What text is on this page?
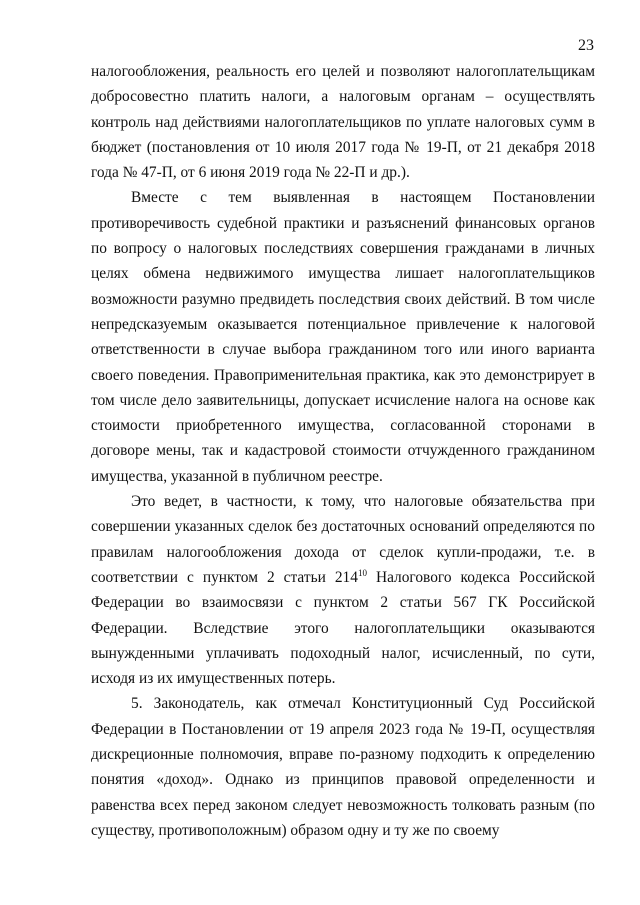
23

налогообложения, реальность его целей и позволяют налогоплательщикам добросовестно платить налоги, а налоговым органам – осуществлять контроль над действиями налогоплательщиков по уплате налоговых сумм в бюджет (постановления от 10 июля 2017 года № 19-П, от 21 декабря 2018 года № 47-П, от 6 июня 2019 года № 22-П и др.).

Вместе с тем выявленная в настоящем Постановлении противоречивость судебной практики и разъяснений финансовых органов по вопросу о налоговых последствиях совершения гражданами в личных целях обмена недвижимого имущества лишает налогоплательщиков возможности разумно предвидеть последствия своих действий. В том числе непредсказуемым оказывается потенциальное привлечение к налоговой ответственности в случае выбора гражданином того или иного варианта своего поведения. Правоприменительная практика, как это демонстрирует в том числе дело заявительницы, допускает исчисление налога на основе как стоимости приобретенного имущества, согласованной сторонами в договоре мены, так и кадастровой стоимости отчужденного гражданином имущества, указанной в публичном реестре.

Это ведет, в частности, к тому, что налоговые обязательства при совершении указанных сделок без достаточных оснований определяются по правилам налогообложения дохода от сделок купли-продажи, т.е. в соответствии с пунктом 2 статьи $214^{10}$ Налогового кодекса Российской Федерации во взаимосвязи с пунктом 2 статьи 567 ГК Российской Федерации. Вследствие этого налогоплательщики оказываются вынужденными уплачивать подоходный налог, исчисленный, по сути, исходя из их имущественных потерь.

5. Законодатель, как отмечал Конституционный Суд Российской Федерации в Постановлении от 19 апреля 2023 года № 19-П, осуществляя дискреционные полномочия, вправе по-разному подходить к определению понятия «доход». Однако из принципов правовой определенности и равенства всех перед законом следует невозможность толковать разным (по существу, противоположным) образом одну и ту же по своему
